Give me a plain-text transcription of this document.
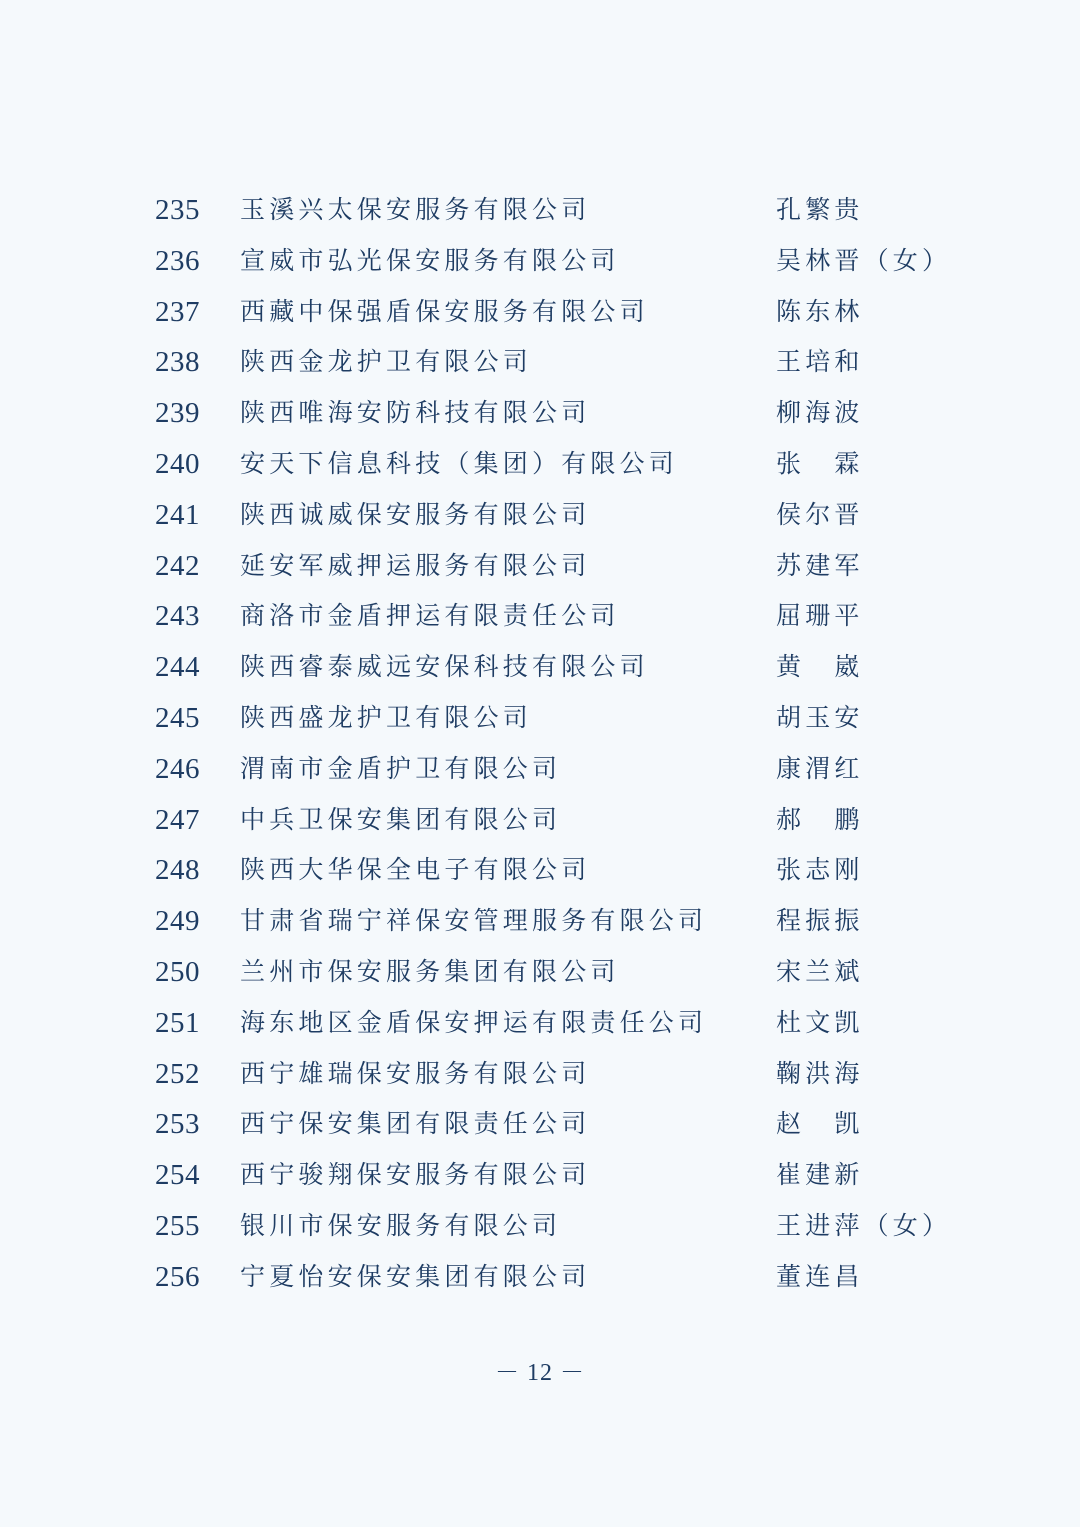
235 玉溪兴太保安服务有限公司	孔繁贵
236 宣威市弘光保安服务有限公司	吴林晋（女）
237 西藏中保强盾保安服务有限公司	陈东林
238 陕西金龙护卫有限公司	王培和
239 陕西唯海安防科技有限公司	柳海波
240 安天下信息科技（集团）有限公司	张　霖
241 陕西诚威保安服务有限公司	侯尔晋
242 延安军威押运服务有限公司	苏建军
243 商洛市金盾押运有限责任公司	屈珊平
244 陕西睿泰威远安保科技有限公司	黄　崴
245 陕西盛龙护卫有限公司	胡玉安
246 渭南市金盾护卫有限公司	康渭红
247 中兵卫保安集团有限公司	郝　鹏
248 陕西大华保全电子有限公司	张志刚
249 甘肃省瑞宁祥保安管理服务有限公司	程振振
250 兰州市保安服务集团有限公司	宋兰斌
251 海东地区金盾保安押运有限责任公司	杜文凯
252 西宁雄瑞保安服务有限公司	鞠洪海
253 西宁保安集团有限责任公司	赵　凯
254 西宁骏翔保安服务有限公司	崔建新
255 银川市保安服务有限公司	王进萍（女）
256 宁夏怡安保安集团有限公司	董连昌
－ 12 －
